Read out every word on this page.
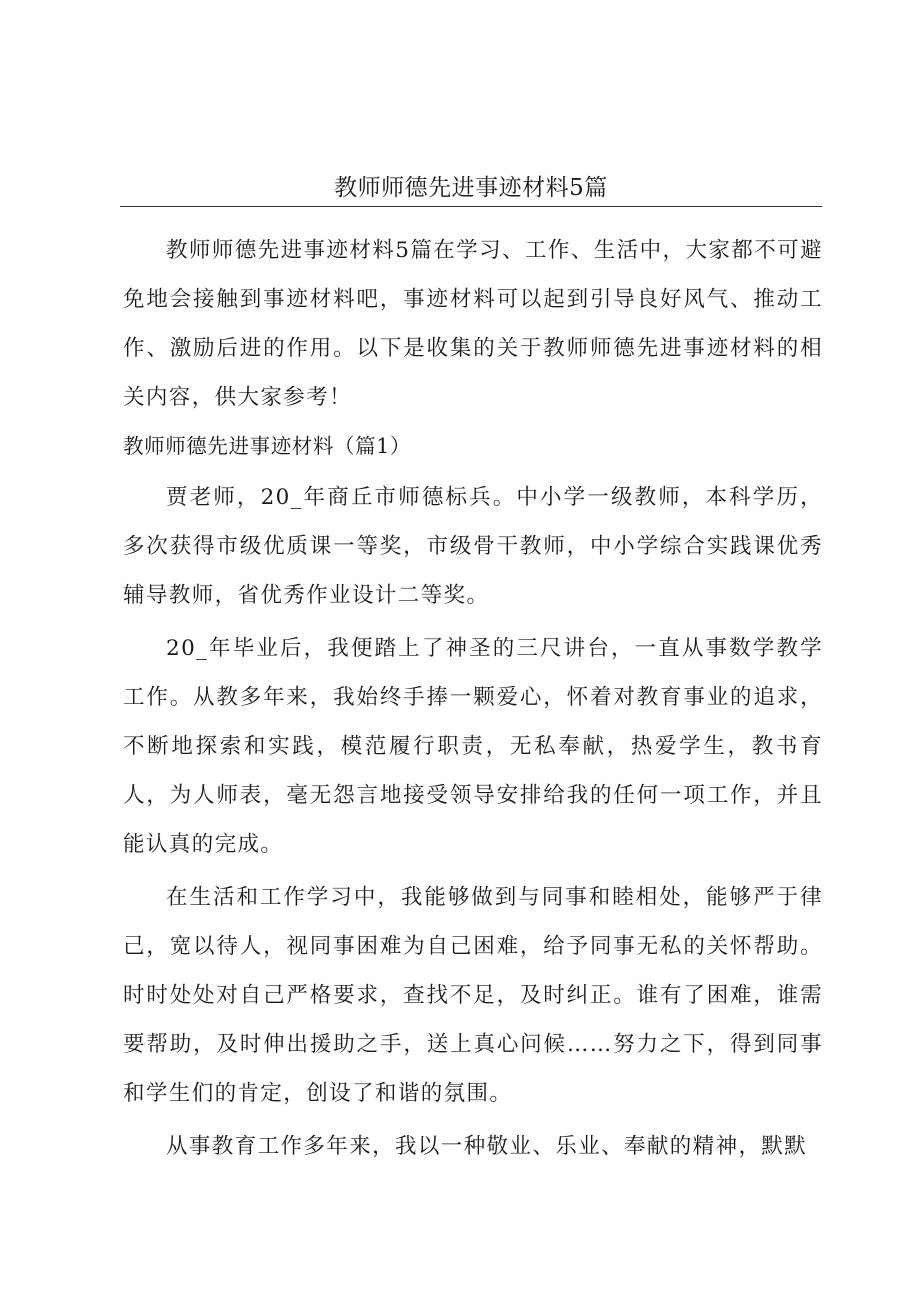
教师师德先进事迹材料5篇

教师师德先进事迹材料5篇在学习、工作、生活中，大家都不可避免地会接触到事迹材料吧，事迹材料可以起到引导良好风气、推动工作、激励后进的作用。以下是收集的关于教师师德先进事迹材料的相关内容，供大家参考！

教师师德先进事迹材料（篇1）

贾老师，20_年商丘市师德标兵。中小学一级教师，本科学历，多次获得市级优质课一等奖，市级骨干教师，中小学综合实践课优秀辅导教师，省优秀作业设计二等奖。

20_年毕业后，我便踏上了神圣的三尺讲台，一直从事数学教学工作。从教多年来，我始终手捧一颗爱心，怀着对教育事业的追求，不断地探索和实践，模范履行职责，无私奉献，热爱学生，教书育人，为人师表，毫无怨言地接受领导安排给我的任何一项工作，并且能认真的完成。

在生活和工作学习中，我能够做到与同事和睦相处，能够严于律己，宽以待人，视同事困难为自己困难，给予同事无私的关怀帮助。时时处处对自己严格要求，查找不足，及时纠正。谁有了困难，谁需要帮助，及时伸出援助之手，送上真心问候……努力之下，得到同事和学生们的肯定，创设了和谐的氛围。

从事教育工作多年来，我以一种敬业、乐业、奉献的精神，默默
